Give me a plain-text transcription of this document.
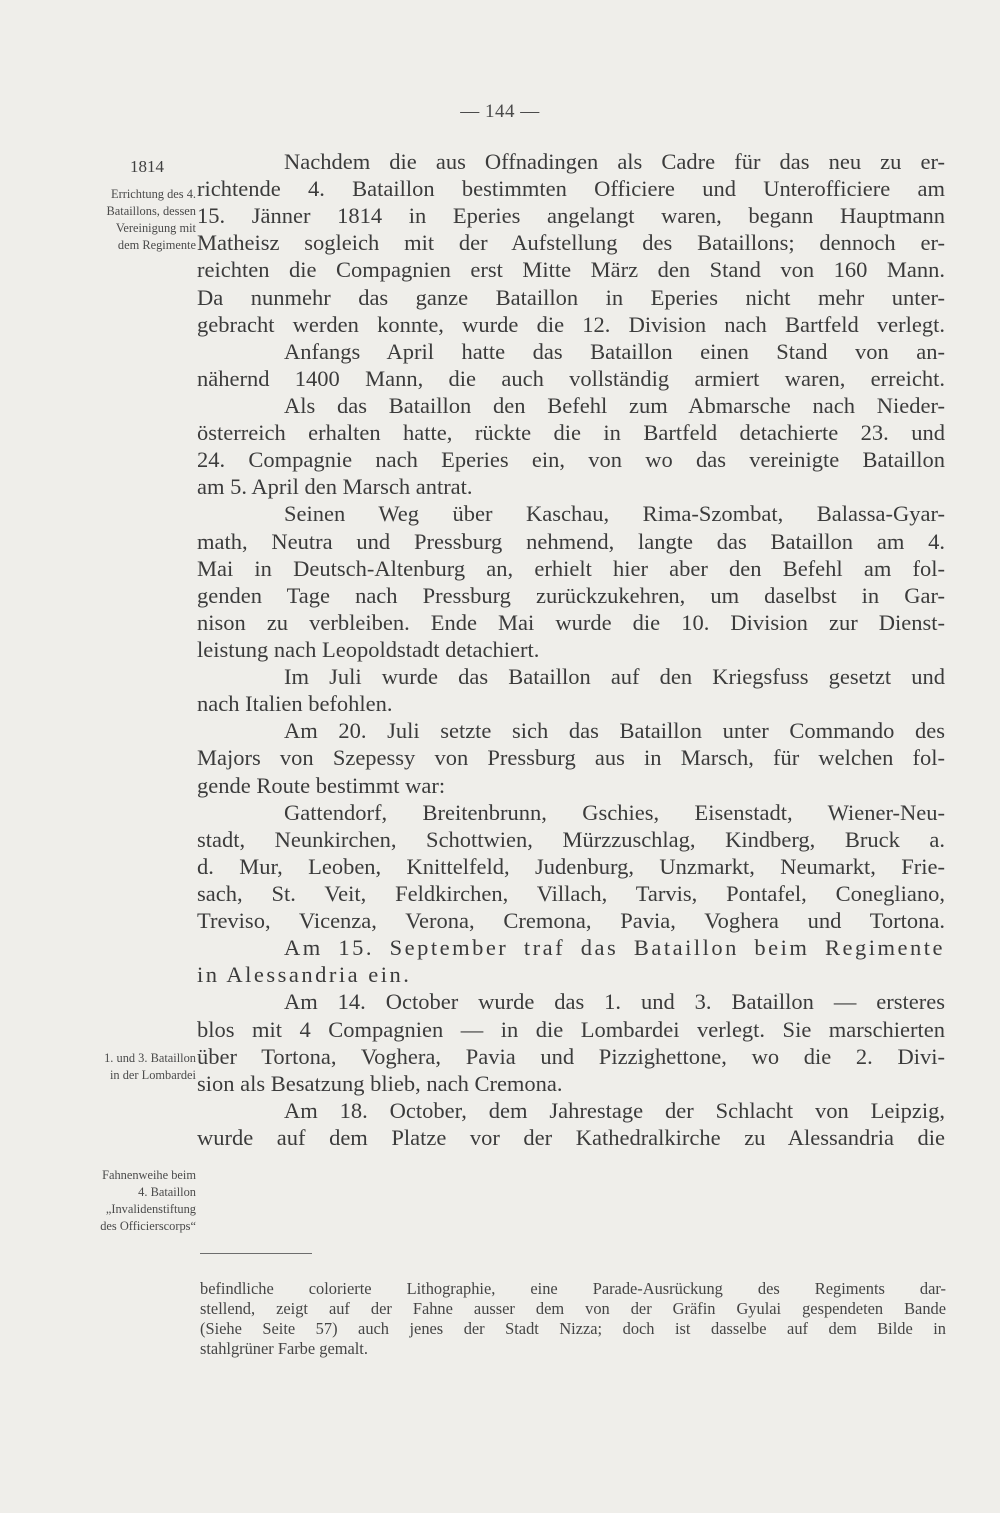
— 144 —
1814
Errichtung des 4.
Bataillons, dessen
Vereinigung mit
dem Regimente
1. und 3. Bataillon
in der Lombardei
Fahnenweihe beim
4. Bataillon
„Invalidenstiftung
des Officierscorps“
Nachdem die aus Offnadingen als Cadre für das neu zu er-
richtende 4. Bataillon bestimmten Officiere und Unterofficiere am
15. Jänner 1814 in Eperies angelangt waren, begann Hauptmann
Matheisz sogleich mit der Aufstellung des Bataillons; dennoch er-
reichten die Compagnien erst Mitte März den Stand von 160 Mann.
Da nunmehr das ganze Bataillon in Eperies nicht mehr unter-
gebracht werden konnte, wurde die 12. Division nach Bartfeld verlegt.
Anfangs April hatte das Bataillon einen Stand von an-
nähernd 1400 Mann, die auch vollständig armiert waren, erreicht.
Als das Bataillon den Befehl zum Abmarsche nach Nieder-
österreich erhalten hatte, rückte die in Bartfeld detachierte 23. und
24. Compagnie nach Eperies ein, von wo das vereinigte Bataillon
am 5. April den Marsch antrat.
Seinen Weg über Kaschau, Rima-Szombat, Balassa-Gyar-
math, Neutra und Pressburg nehmend, langte das Bataillon am 4.
Mai in Deutsch-Altenburg an, erhielt hier aber den Befehl am fol-
genden Tage nach Pressburg zurückzukehren, um daselbst in Gar-
nison zu verbleiben. Ende Mai wurde die 10. Division zur Dienst-
leistung nach Leopoldstadt detachiert.
Im Juli wurde das Bataillon auf den Kriegsfuss gesetzt und
nach Italien befohlen.
Am 20. Juli setzte sich das Bataillon unter Commando des
Majors von Szepessy von Pressburg aus in Marsch, für welchen fol-
gende Route bestimmt war:
Gattendorf, Breitenbrunn, Gschies, Eisenstadt, Wiener-Neu-
stadt, Neunkirchen, Schottwien, Mürzzuschlag, Kindberg, Bruck a.
d. Mur, Leoben, Knittelfeld, Judenburg, Unzmarkt, Neumarkt, Frie-
sach, St. Veit, Feldkirchen, Villach, Tarvis, Pontafel, Conegliano,
Treviso, Vicenza, Verona, Cremona, Pavia, Voghera und Tortona.
Am 15. September traf das Bataillon beim Regimente
in Alessandria ein.
Am 14. October wurde das 1. und 3. Bataillon — ersteres
blos mit 4 Compagnien — in die Lombardei verlegt. Sie marschierten
über Tortona, Voghera, Pavia und Pizzighettone, wo die 2. Divi-
sion als Besatzung blieb, nach Cremona.
Am 18. October, dem Jahrestage der Schlacht von Leipzig,
wurde auf dem Platze vor der Kathedralkirche zu Alessandria die
befindliche colorierte Lithographie, eine Parade-Ausrückung des Regiments dar-
stellend, zeigt auf der Fahne ausser dem von der Gräfin Gyulai gespendeten Bande
(Siehe Seite 57) auch jenes der Stadt Nizza; doch ist dasselbe auf dem Bilde in
stahlgrüner Farbe gemalt.
